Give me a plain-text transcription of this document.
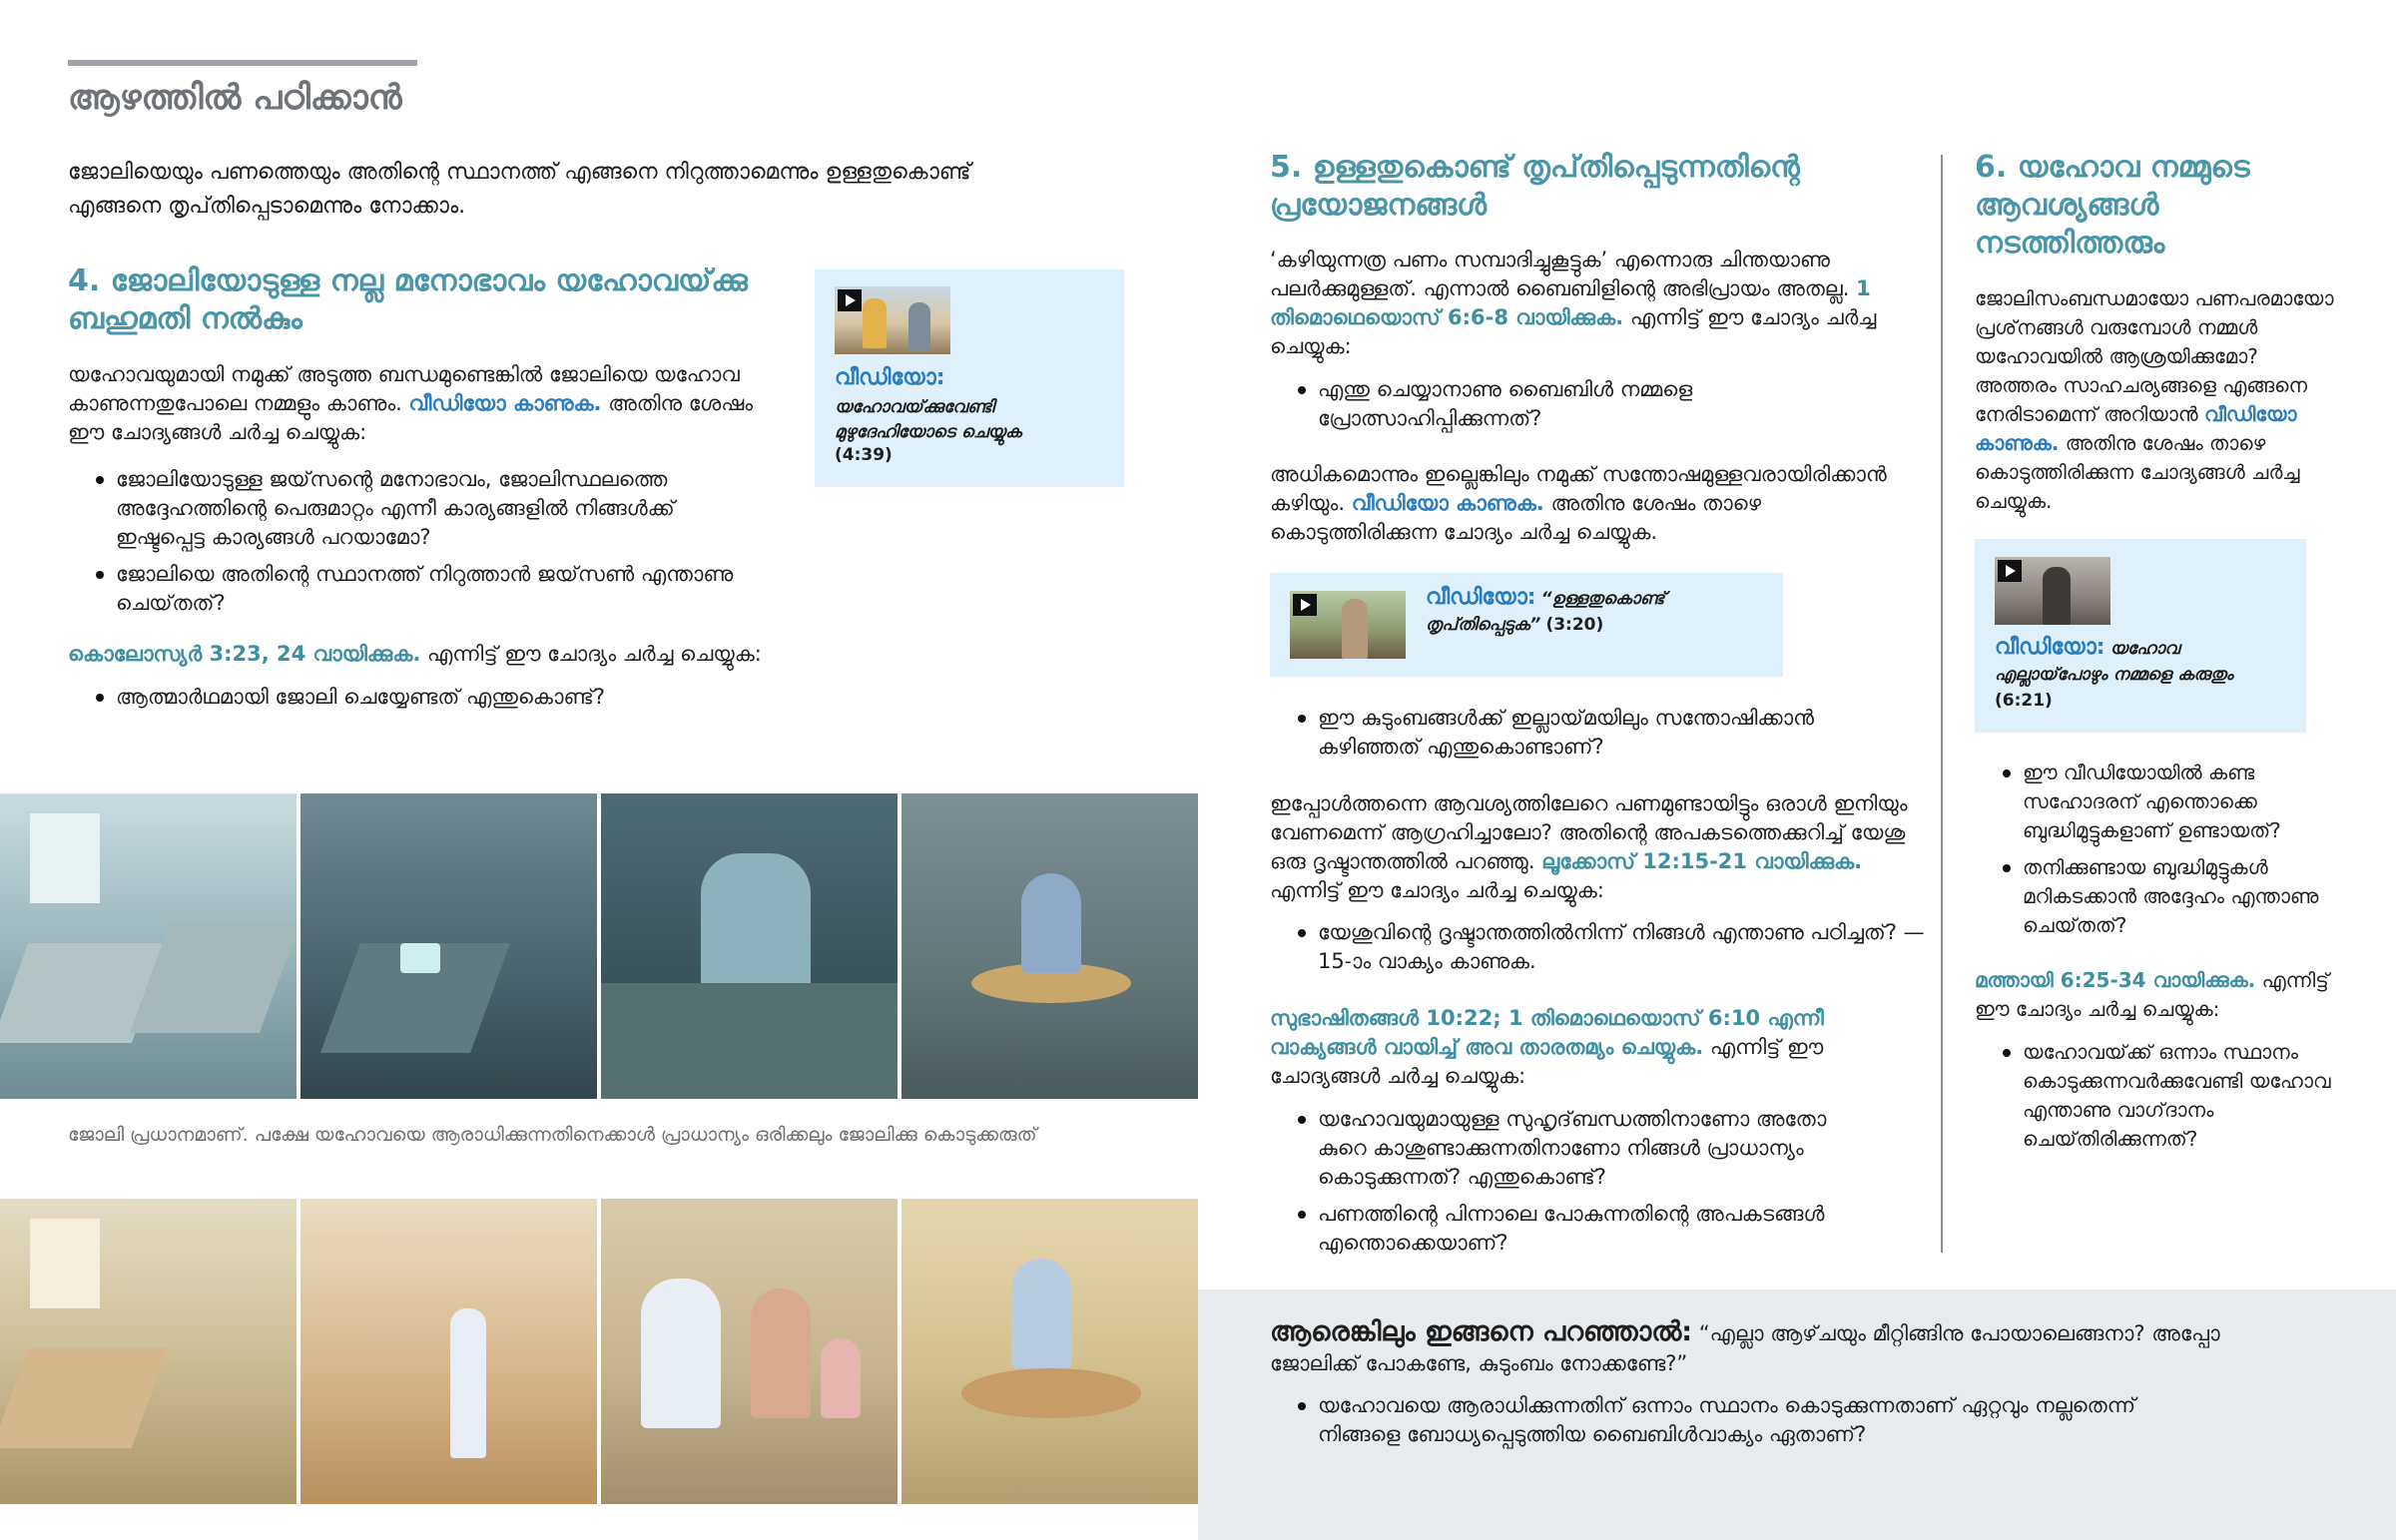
ആഴത്തിൽ പഠിക്കാൻ
ജോലിയെയും പണത്തെയും അതിന്റെ സ്ഥാനത്ത് എങ്ങനെ നിറുത്താമെന്നും ഉള്ളതുകൊണ്ട് എങ്ങനെ തൃപ്‌തിപ്പെടാമെന്നും നോക്കാം.
4. ജോലിയോടുള്ള നല്ല മനോഭാവം യഹോവയ്‌ക്കു ബഹുമതി നൽകും
വീഡിയോ:
യഹോവയ്‌ക്കുവേണ്ടി മുഴുദേഹിയോടെ ചെയ്യുക
(4:39)
യഹോവയുമായി നമുക്ക് അടുത്ത ബന്ധമുണ്ടെങ്കിൽ ജോലിയെ യഹോവ കാണുന്നതുപോലെ നമ്മളും കാണും. വീഡിയോ കാണുക. അതിനു ശേഷം ഈ ചോദ്യങ്ങൾ ചർച്ച ചെയ്യുക:
ജോലിയോടുള്ള ജയ്‌സന്റെ മനോഭാവം, ജോലിസ്ഥലത്തെ അദ്ദേഹത്തിന്റെ പെരുമാറ്റം എന്നീ കാര്യങ്ങളിൽ നിങ്ങൾക്ക് ഇഷ്ടപ്പെട്ട കാര്യങ്ങൾ പറയാമോ?
ജോലിയെ അതിന്റെ സ്ഥാനത്ത് നിറുത്താൻ ജയ്‌സൺ എന്താണു ചെയ്‌തത്?
കൊലോസ്യർ 3:23, 24 വായിക്കുക. എന്നിട്ട് ഈ ചോദ്യം ചർച്ച ചെയ്യുക:
ആത്മാർഥമായി ജോലി ചെയ്യേണ്ടത് എന്തുകൊണ്ട്?
ജോലി പ്രധാനമാണ്. പക്ഷേ യഹോവയെ ആരാധിക്കുന്നതിനെക്കാൾ പ്രാധാന്യം ഒരിക്കലും ജോലിക്കു കൊടുക്കരുത്
5. ഉള്ളതുകൊണ്ട് തൃപ്‌തിപ്പെടുന്നതിന്റെ പ്രയോജനങ്ങൾ
‘കഴിയുന്നത്ര പണം സമ്പാദിച്ചുകൂട്ടുക’ എന്നൊരു ചിന്തയാണു പലർക്കുമുള്ളത്. എന്നാൽ ബൈബിളിന്റെ അഭിപ്രായം അതല്ല. 1 തിമൊഥെയൊസ്‌ 6:6-8 വായിക്കുക. എന്നിട്ട് ഈ ചോദ്യം ചർച്ച ചെയ്യുക:
എന്തു ചെയ്യാനാണു ബൈബിൾ നമ്മളെ പ്രോത്സാഹിപ്പിക്കുന്നത്?
അധികമൊന്നും ഇല്ലെങ്കിലും നമുക്ക് സന്തോഷമുള്ളവരായിരിക്കാൻ കഴിയും. വീഡിയോ കാണുക. അതിനു ശേഷം താഴെ കൊടുത്തിരിക്കുന്ന ചോദ്യം ചർച്ച ചെയ്യുക.
വീഡിയോ: “ഉള്ളതുകൊണ്ട് തൃപ്‌തിപ്പെടുക” (3:20)
ഈ കുടുംബങ്ങൾക്ക് ഇല്ലായ്‌മയിലും സന്തോഷിക്കാൻ കഴിഞ്ഞത് എന്തുകൊണ്ടാണ്?
ഇപ്പോൾത്തന്നെ ആവശ്യത്തിലേറെ പണമുണ്ടായിട്ടും ഒരാൾ ഇനിയും വേണമെന്ന് ആഗ്രഹിച്ചാലോ? അതിന്റെ അപകടത്തെക്കുറിച്ച് യേശു ഒരു ദൃഷ്ടാന്തത്തിൽ പറഞ്ഞു. ലൂക്കോസ്‌ 12:15-21 വായിക്കുക. എന്നിട്ട് ഈ ചോദ്യം ചർച്ച ചെയ്യുക:
യേശുവിന്റെ ദൃഷ്ടാന്തത്തിൽനിന്ന് നിങ്ങൾ എന്താണു പഠിച്ചത്? —15-ാം വാക്യം കാണുക.
സുഭാഷിതങ്ങൾ 10:22; 1 തിമൊഥെയൊസ്‌ 6:10 എന്നീ വാക്യങ്ങൾ വായിച്ച് അവ താരതമ്യം ചെയ്യുക. എന്നിട്ട് ഈ ചോദ്യങ്ങൾ ചർച്ച ചെയ്യുക:
യഹോവയുമായുള്ള സുഹൃദ്‌ബന്ധത്തിനാണോ അതോ കുറെ കാശുണ്ടാക്കുന്നതിനാണോ നിങ്ങൾ പ്രാധാന്യം കൊടുക്കുന്നത്? എന്തുകൊണ്ട്?
പണത്തിന്റെ പിന്നാലെ പോകുന്നതിന്റെ അപകടങ്ങൾ എന്തൊക്കെയാണ്?
6. യഹോവ നമ്മുടെ ആവശ്യങ്ങൾ നടത്തിത്തരും
ജോലിസംബന്ധമായോ പണപരമായോ പ്രശ്‌നങ്ങൾ വരുമ്പോൾ നമ്മൾ യഹോവയിൽ ആശ്രയിക്കുമോ? അത്തരം സാഹചര്യങ്ങളെ എങ്ങനെ നേരിടാമെന്ന് അറിയാൻ വീഡിയോ കാണുക. അതിനു ശേഷം താഴെ കൊടുത്തിരിക്കുന്ന ചോദ്യങ്ങൾ ചർച്ച ചെയ്യുക.
വീഡിയോ: യഹോവ എല്ലായ്‌പോഴും നമ്മളെ കരുതും (6:21)
ഈ വീഡിയോയിൽ കണ്ട സഹോദരന് എന്തൊക്കെ ബുദ്ധിമുട്ടുകളാണ് ഉണ്ടായത്?
തനിക്കുണ്ടായ ബുദ്ധിമുട്ടുകൾ മറികടക്കാൻ അദ്ദേഹം എന്താണു ചെയ്‌തത്?
മത്തായി 6:25-34 വായിക്കുക. എന്നിട്ട് ഈ ചോദ്യം ചർച്ച ചെയ്യുക:
യഹോവയ്‌ക്ക് ഒന്നാം സ്ഥാനം കൊടുക്കുന്നവർക്കുവേണ്ടി യഹോവ എന്താണു വാഗ്‌ദാനം ചെയ്‌തിരിക്കുന്നത്?
ആരെങ്കിലും ഇങ്ങനെ പറഞ്ഞാൽ: “എല്ലാ ആഴ്‌ചയും മീറ്റിങ്ങിനു പോയാലെങ്ങനാ? അപ്പോ ജോലിക്ക് പോകണ്ടേ, കുടുംബം നോക്കണ്ടേ?”
യഹോവയെ ആരാധിക്കുന്നതിന് ഒന്നാം സ്ഥാനം കൊടുക്കുന്നതാണ് ഏറ്റവും നല്ലതെന്ന് നിങ്ങളെ ബോധ്യപ്പെടുത്തിയ ബൈബിൾവാക്യം ഏതാണ്?
